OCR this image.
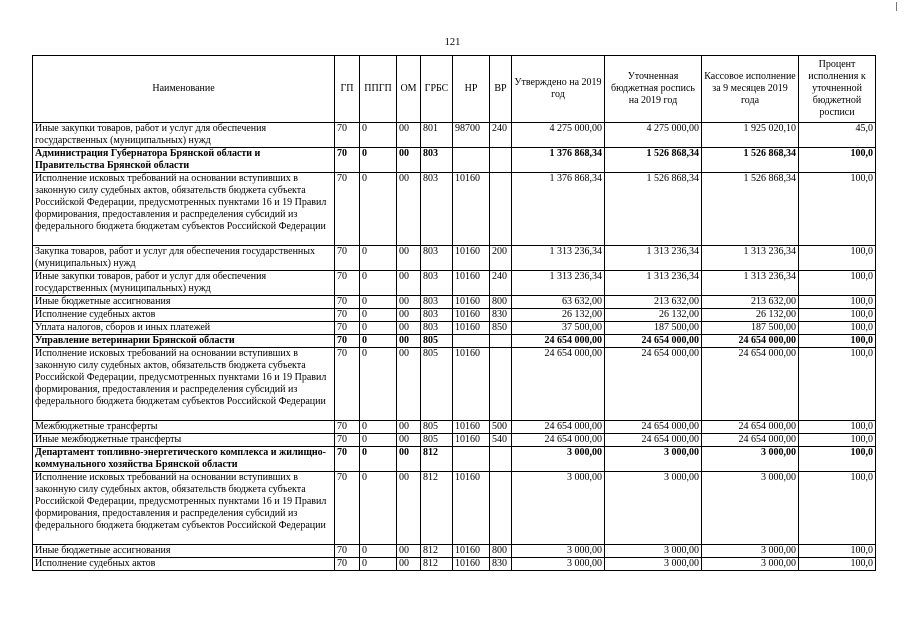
121
Наименование	ГП	ППГП	ОМ	ГРБС	НР	ВР	Утверждено на 2019 год	Уточненная бюджетная роспись на 2019 год	Кассовое исполнение за 9 месяцев 2019 года	Процент исполнения к уточненной бюджетной росписи
Иные закупки товаров, работ и услуг для обеспечения государственных (муниципальных) нужд	70	0	00	801	98700	240	4 275 000,00	4 275 000,00	1 925 020,10	45,0
Администрация Губернатора Брянской области и Правительства Брянской области	70	0	00	803			1 376 868,34	1 526 868,34	1 526 868,34	100,0
Исполнение исковых требований на основании вступивших в законную силу судебных актов, обязательств бюджета субъекта Российской Федерации, предусмотренных пунктами 16 и 19 Правил формирования, предоставления и распределения субсидий из федерального бюджета бюджетам субъектов Российской Федерации	70	0	00	803	10160		1 376 868,34	1 526 868,34	1 526 868,34	100,0
Закупка товаров, работ и услуг для обеспечения государственных (муниципальных) нужд	70	0	00	803	10160	200	1 313 236,34	1 313 236,34	1 313 236,34	100,0
Иные закупки товаров, работ и услуг для обеспечения государственных (муниципальных) нужд	70	0	00	803	10160	240	1 313 236,34	1 313 236,34	1 313 236,34	100,0
Иные бюджетные ассигнования	70	0	00	803	10160	800	63 632,00	213 632,00	213 632,00	100,0
Исполнение судебных актов	70	0	00	803	10160	830	26 132,00	26 132,00	26 132,00	100,0
Уплата налогов, сборов и иных платежей	70	0	00	803	10160	850	37 500,00	187 500,00	187 500,00	100,0
Управление ветеринарии Брянской области	70	0	00	805			24 654 000,00	24 654 000,00	24 654 000,00	100,0
Исполнение исковых требований на основании вступивших в законную силу судебных актов, обязательств бюджета субъекта Российской Федерации, предусмотренных пунктами 16 и 19 Правил формирования, предоставления и распределения субсидий из федерального бюджета бюджетам субъектов Российской Федерации	70	0	00	805	10160		24 654 000,00	24 654 000,00	24 654 000,00	100,0
Межбюджетные трансферты	70	0	00	805	10160	500	24 654 000,00	24 654 000,00	24 654 000,00	100,0
Иные межбюджетные трансферты	70	0	00	805	10160	540	24 654 000,00	24 654 000,00	24 654 000,00	100,0
Департамент топливно-энергетического комплекса и жилищно-коммунального хозяйства Брянской области	70	0	00	812			3 000,00	3 000,00	3 000,00	100,0
Исполнение исковых требований на основании вступивших в законную силу судебных актов, обязательств бюджета субъекта Российской Федерации, предусмотренных пунктами 16 и 19 Правил формирования, предоставления и распределения субсидий из федерального бюджета бюджетам субъектов Российской Федерации	70	0	00	812	10160		3 000,00	3 000,00	3 000,00	100,0
Иные бюджетные ассигнования	70	0	00	812	10160	800	3 000,00	3 000,00	3 000,00	100,0
Исполнение судебных актов	70	0	00	812	10160	830	3 000,00	3 000,00	3 000,00	100,0
